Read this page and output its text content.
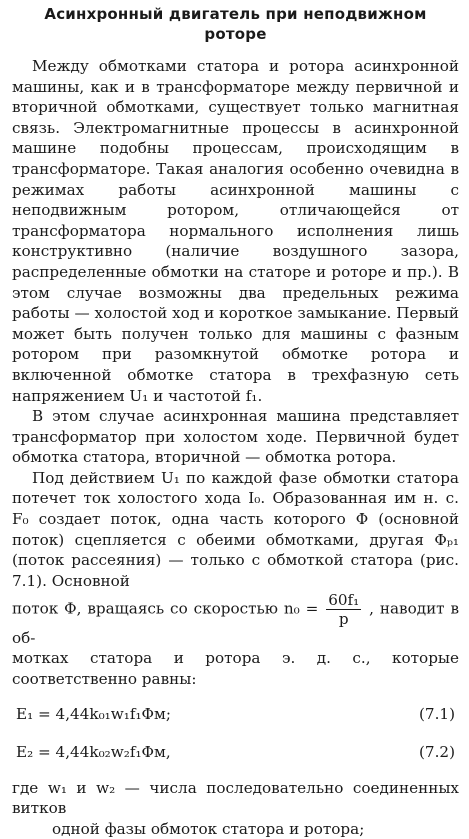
Асинхронный двигатель при неподвижном роторе

Между обмотками статора и ротора асинхронной машины, как и в трансформаторе между первичной и вторичной обмотками, существует только магнитная связь. Электромагнитные процессы в асинхронной машине подобны процессам, происходящим в трансформаторе. Такая аналогия особенно очевидна в режимах работы асинхронной машины с неподвижным ротором, отличающейся от трансформатора нормального исполнения лишь конструктивно (наличие воздушного зазора, распределенные обмотки на статоре и роторе и пр.). В этом случае возможны два предельных режима работы — холостой ход и короткое замыкание. Первый может быть получен только для машины с фазным ротором при разомкнутой обмотке ротора и включенной обмотке статора в трехфазную сеть напряжением U₁ и частотой f₁.

В этом случае асинхронная машина представляет трансформатор при холостом ходе. Первичной будет обмотка статора, вторичной — обмотка ротора.

Под действием U₁ по каждой фазе обмотки статора потечет ток холостого хода I₀. Образованная им н. с. F₀ создает поток, одна часть которого Φ (основной поток) сцепляется с обеими обмотками, другая Φₚ₁ (поток рассеяния) — только с обмоткой статора (рис. 7.1). Основной

поток Φ, вращаясь со скоростью $n_0 = \frac{\text{60f₁}}{p}$ , наводит в об-

мотках статора и ротора э. д. с., которые соответственно равны:

E₁ = 4,44k₀₁w₁f₁Φм;	(7.1)
E₂ = 4,44k₀₂w₂f₁Φм,	(7.2)

где w₁ и w₂ — числа последовательно соединенных витков

одной фазы обмоток статора и ротора;
